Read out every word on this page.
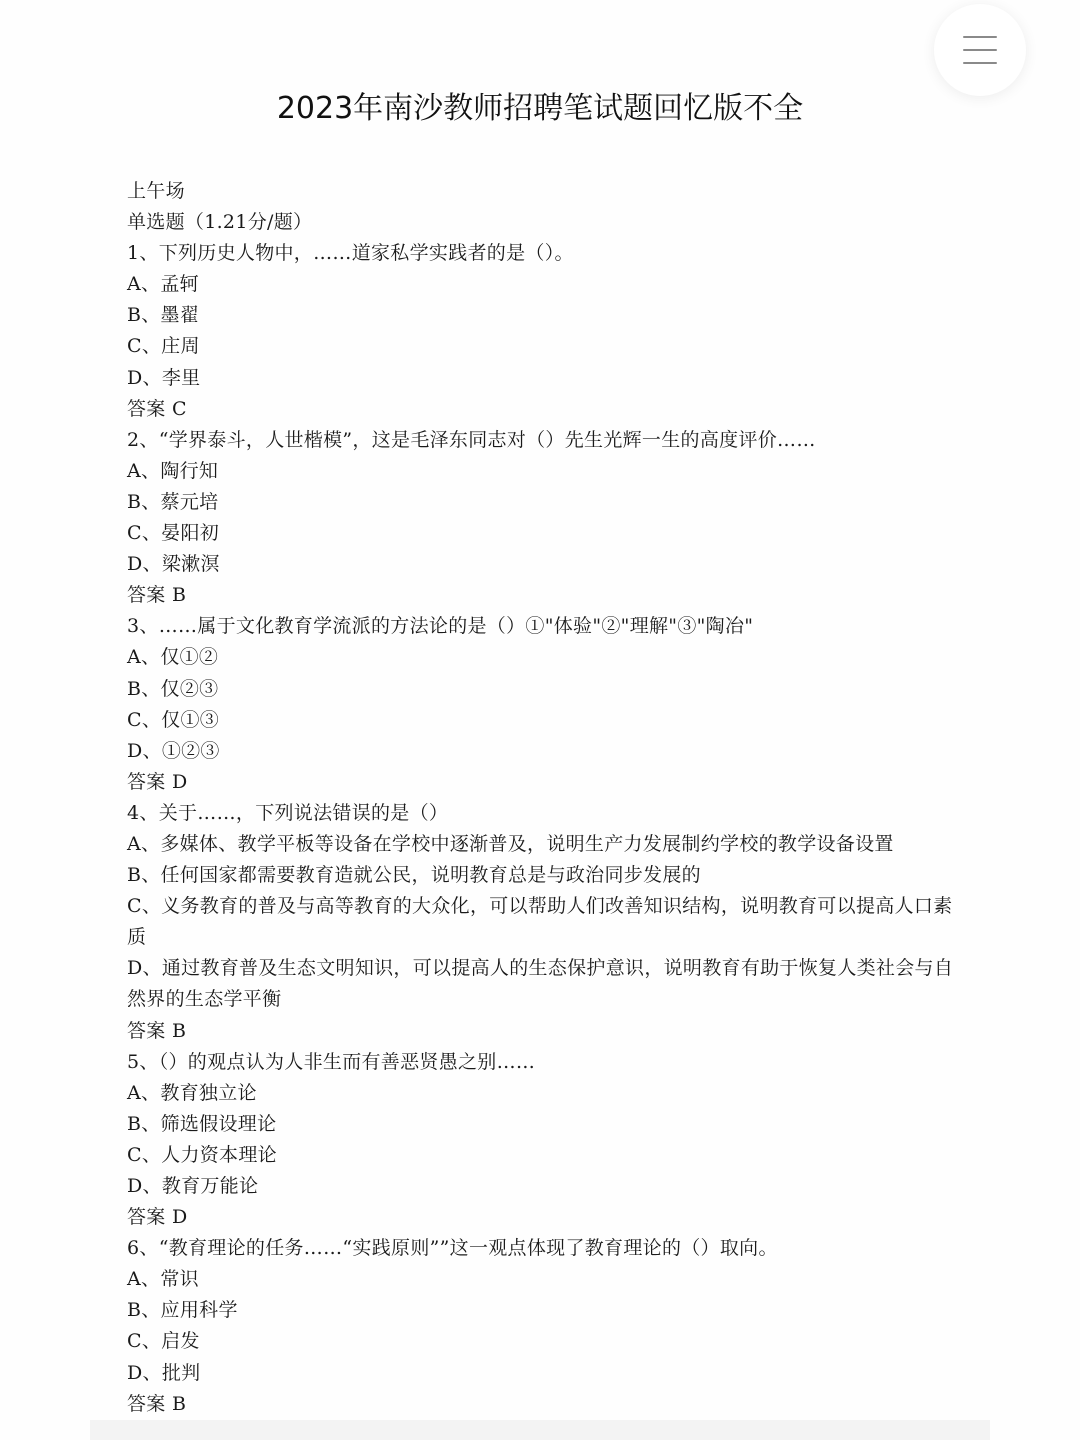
2023年南沙教师招聘笔试题回忆版不全
上午场
单选题（1.21分/题）
1、下列历史人物中，……道家私学实践者的是（）。
A、孟轲
B、墨翟
C、庄周
D、李里
答案 C
2、“学界泰斗，人世楷模”，这是毛泽东同志对（）先生光辉一生的高度评价……
A、陶行知
B、蔡元培
C、晏阳初
D、梁漱溟
答案 B
3、……属于文化教育学流派的方法论的是（）①"体验"②"理解"③"陶冶"
A、仅①②
B、仅②③
C、仅①③
D、①②③
答案 D
4、关于……，下列说法错误的是（）
A、多媒体、教学平板等设备在学校中逐渐普及，说明生产力发展制约学校的教学设备设置
B、任何国家都需要教育造就公民，说明教育总是与政治同步发展的
C、义务教育的普及与高等教育的大众化，可以帮助人们改善知识结构，说明教育可以提高人口素质
D、通过教育普及生态文明知识，可以提高人的生态保护意识，说明教育有助于恢复人类社会与自然界的生态学平衡
答案 B
5、（）的观点认为人非生而有善恶贤愚之别……
A、教育独立论
B、筛选假设理论
C、人力资本理论
D、教育万能论
答案 D
6、“教育理论的任务……“实践原则””这一观点体现了教育理论的（）取向。
A、常识
B、应用科学
C、启发
D、批判
答案 B
